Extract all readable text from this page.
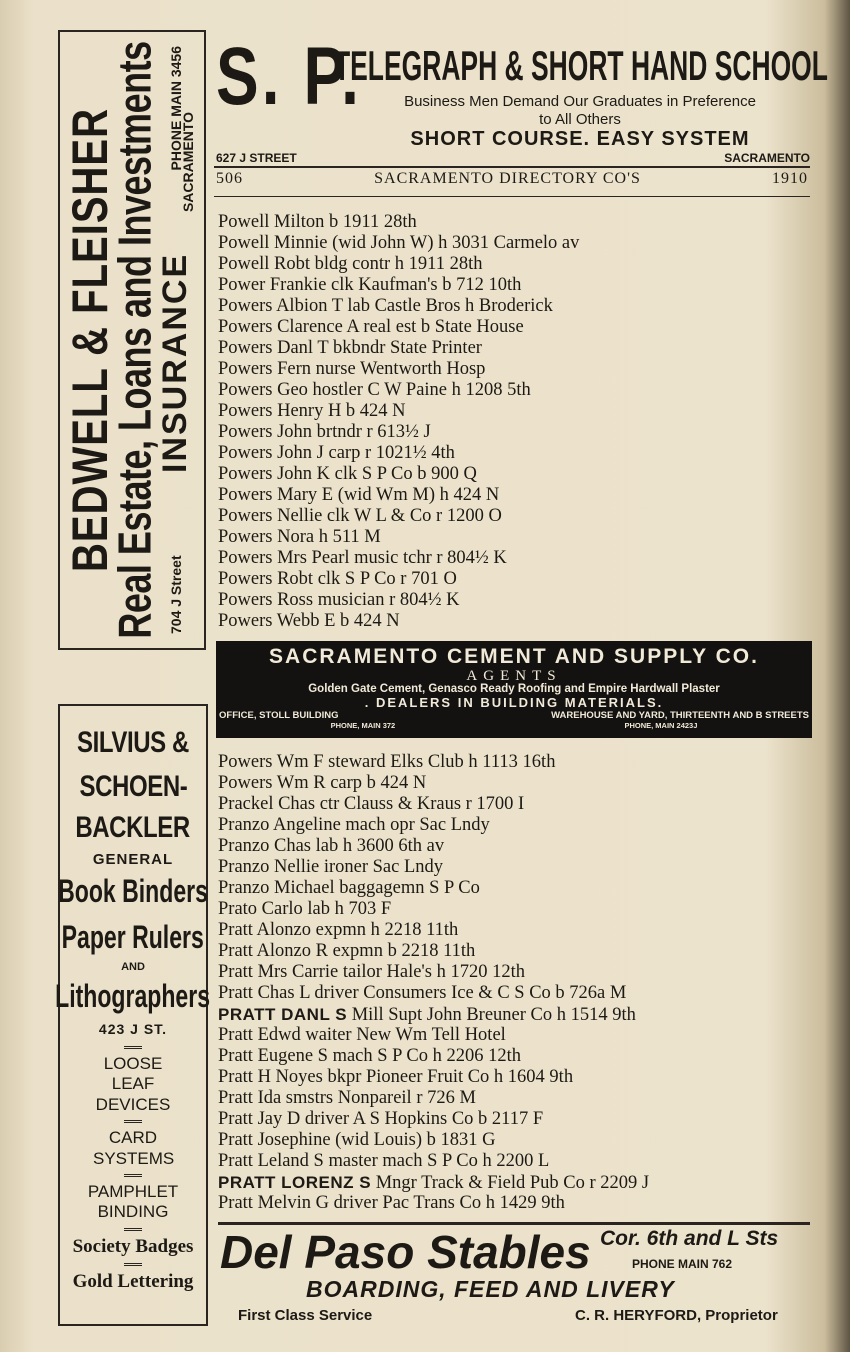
BEDWELL & FLEISHER
Real Estate, Loans and Investments 704 J Street
INSURANCE
PHONE MAIN 3456
SACRAMENTO
SILVIUS &
SCHOEN-
BACKLER
GENERAL
Book Binders
Paper Rulers
AND
Lithographers
423 J ST.
LOOSE LEAF DEVICES
CARD SYSTEMS
PAMPHLET BINDING
Society Badges
Gold Lettering
S. P.
TELEGRAPH & SHORT HAND SCHOOL
Business Men Demand Our Graduates in Preference
to All Others
SHORT COURSE. EASY SYSTEM
627 J STREET	SACRAMENTO
506	SACRAMENTO DIRECTORY CO'S	1910
Powell Milton b 1911 28th
Powell Minnie (wid John W) h 3031 Carmelo av
Powell Robt bldg contr h 1911 28th
Power Frankie clk Kaufman's b 712 10th
Powers Albion T lab Castle Bros h Broderick
Powers Clarence A real est b State House
Powers Danl T bkbndr State Printer
Powers Fern nurse Wentworth Hosp
Powers Geo hostler C W Paine h 1208 5th
Powers Henry H b 424 N
Powers John brtndr r 613½ J
Powers John J carp r 1021½ 4th
Powers John K clk S P Co b 900 Q
Powers Mary E (wid Wm M) h 424 N
Powers Nellie clk W L & Co r 1200 O
Powers Nora h 511 M
Powers Mrs Pearl music tchr r 804½ K
Powers Robt clk S P Co r 701 O
Powers Ross musician r 804½ K
Powers Webb E b 424 N
SACRAMENTO CEMENT AND SUPPLY CO.
AGENTS
Golden Gate Cement, Genasco Ready Roofing and Empire Hardwall Plaster
. DEALERS IN BUILDING MATERIALS.
OFFICE, STOLL BUILDING	WAREHOUSE AND YARD, THIRTEENTH AND B STREETS
PHONE, MAIN 372	PHONE, MAIN 2423J
Powers Wm F steward Elks Club h 1113 16th
Powers Wm R carp b 424 N
Prackel Chas ctr Clauss & Kraus r 1700 I
Pranzo Angeline mach opr Sac Lndy
Pranzo Chas lab h 3600 6th av
Pranzo Nellie ironer Sac Lndy
Pranzo Michael baggagemn S P Co
Prato Carlo lab h 703 F
Pratt Alonzo expmn h 2218 11th
Pratt Alonzo R expmn b 2218 11th
Pratt Mrs Carrie tailor Hale's h 1720 12th
Pratt Chas L driver Consumers Ice & C S Co b 726a M
PRATT DANL S Mill Supt John Breuner Co h 1514 9th
Pratt Edwd waiter New Wm Tell Hotel
Pratt Eugene S mach S P Co h 2206 12th
Pratt H Noyes bkpr Pioneer Fruit Co h 1604 9th
Pratt Ida smstrs Nonpareil r 726 M
Pratt Jay D driver A S Hopkins Co b 2117 F
Pratt Josephine (wid Louis) b 1831 G
Pratt Leland S master mach S P Co h 2200 L
PRATT LORENZ S Mngr Track & Field Pub Co r 2209 J
Pratt Melvin G driver Pac Trans Co h 1429 9th
Del Paso Stables Cor. 6th and L Sts
PHONE MAIN 762
BOARDING, FEED AND LIVERY
First Class Service	C. R. HERYFORD, Proprietor
